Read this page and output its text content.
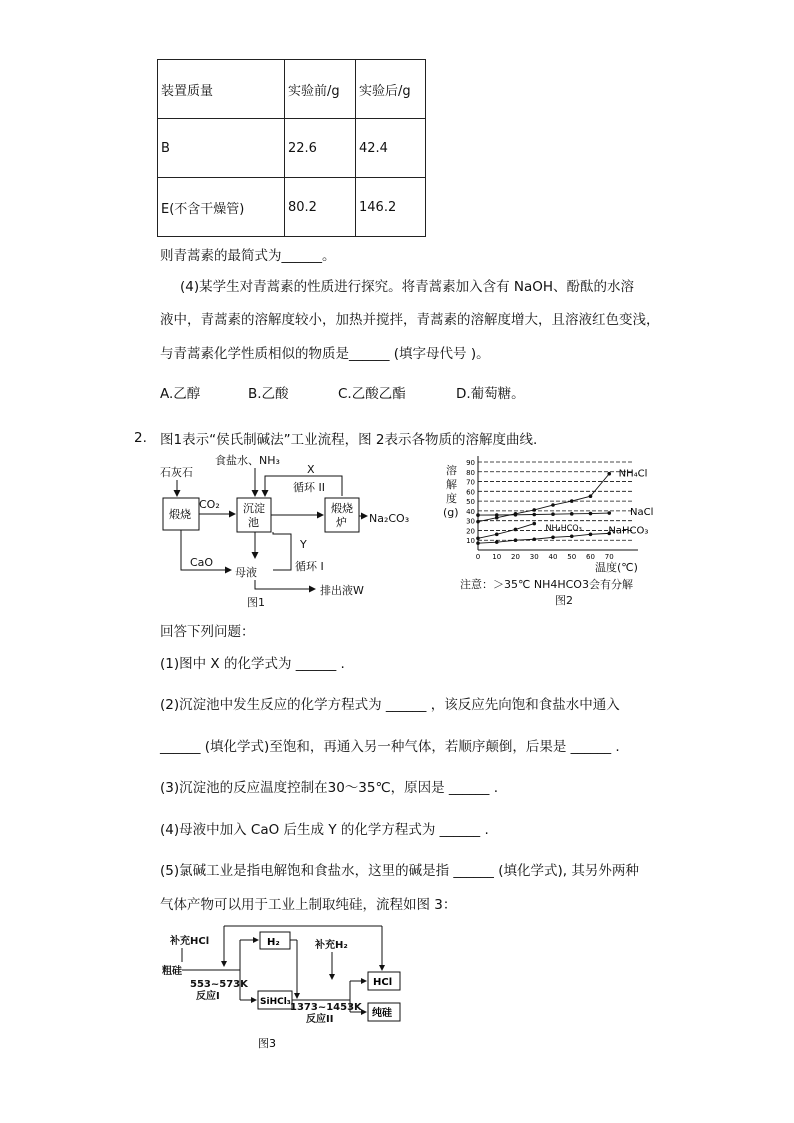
装置质量	实验前/g	实验后/g
B	22.6	42.4
E(不含干燥管)	80.2	146.2
则青蒿素的最简式为______。
(4)某学生对青蒿素的性质进行探究。将青蒿素加入含有 NaOH、酚酞的水溶
液中，青蒿素的溶解度较小，加热并搅拌，青蒿素的溶解度增大，且溶液红色变浅，
与青蒿素化学性质相似的物质是______ (填字母代号 )。
A.乙醇	B.乙酸	C.乙酸乙酯	D.葡萄糖。
2. 图1表示“侯氏制碱法”工业流程，图 2表示各物质的溶解度曲线.
石灰石
食盐水、NH₃
X
循环 II
CO₂
Na₂CO₃
CaO
母液
Y
循环 I
排出液W
图1
煅烧	沉淀
池
煅烧
炉
10
20
30
40
50
60
70
80
90
0 10 20 30 40 50 60 70
NH₄Cl
NaCl
NaHCO₃
NH₄HCO₃
溶
解
度
(g)
温度(℃)
注意：＞35℃ NH4HCO3会有分解
图2
回答下列问题：
(1)图中 X 的化学式为 ______ .
(2)沉淀池中发生反应的化学方程式为 ______ ，该反应先向饱和食盐水中通入
______ (填化学式)至饱和，再通入另一种气体，若顺序颠倒，后果是 ______ .
(3)沉淀池的反应温度控制在30～35℃，原因是 ______ .
(4)母液中加入 CaO 后生成 Y 的化学方程式为 ______ .
(5)氯碱工业是指电解饱和食盐水，这里的碱是指 ______ (填化学式), 其另外两种
气体产物可以用于工业上制取纯硅，流程如图 3：
补充HCl
粗硅
补充H₂
553~573K
反应I
1373~1453K
反应II
H₂
SiHCl₃
HCl
纯硅
图3
